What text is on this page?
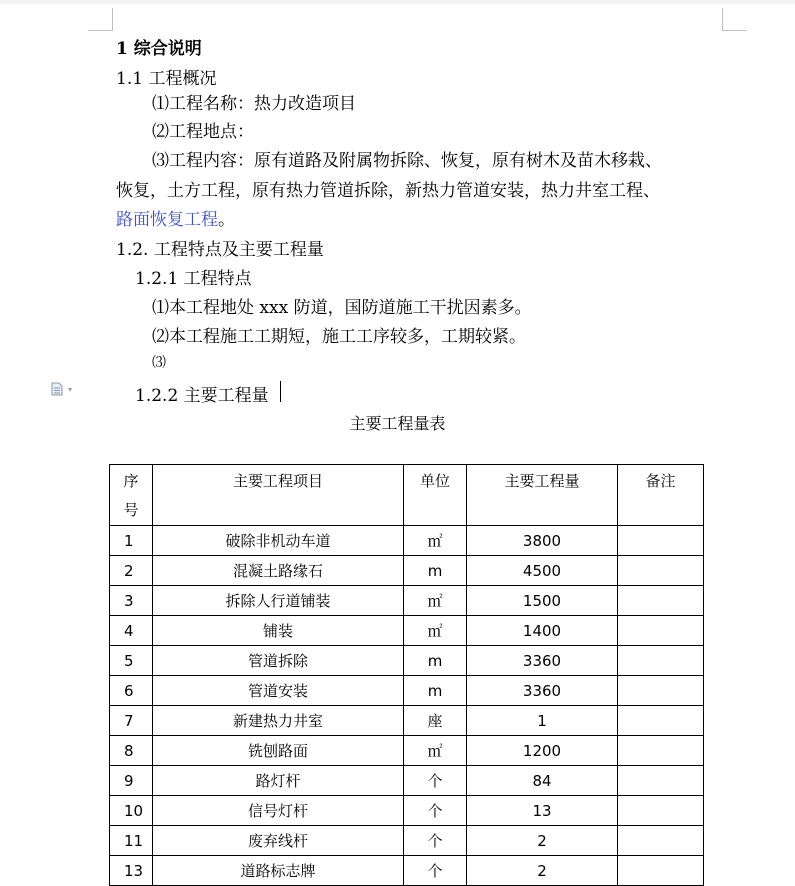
1 综合说明
1.1 工程概况
⑴工程名称：热力改造项目
⑵工程地点：
⑶工程内容：原有道路及附属物拆除、恢复，原有树木及苗木移栽、
恢复，土方工程，原有热力管道拆除，新热力管道安装，热力井室工程、
路面恢复工程。
1.2. 工程特点及主要工程量
1.2.1 工程特点
⑴本工程地处 xxx 防道，国防道施工干扰因素多。
⑵本工程施工工期短，施工工序较多，工期较紧。
⑶
▾	1.2.2 主要工程量
主要工程量表
序
号	主要工程项目	单位	主要工程量	备注
1	破除非机动车道	㎡	3800	
2	混凝土路缘石	m	4500	
3	拆除人行道铺装	㎡	1500	
4	铺装	㎡	1400	
5	管道拆除	m	3360	
6	管道安装	m	3360	
7	新建热力井室	座	1	
8	铣刨路面	㎡	1200	
9	路灯杆	个	84	
10	信号灯杆	个	13	
11	废弃线杆	个	2	
13	道路标志牌	个	2	
